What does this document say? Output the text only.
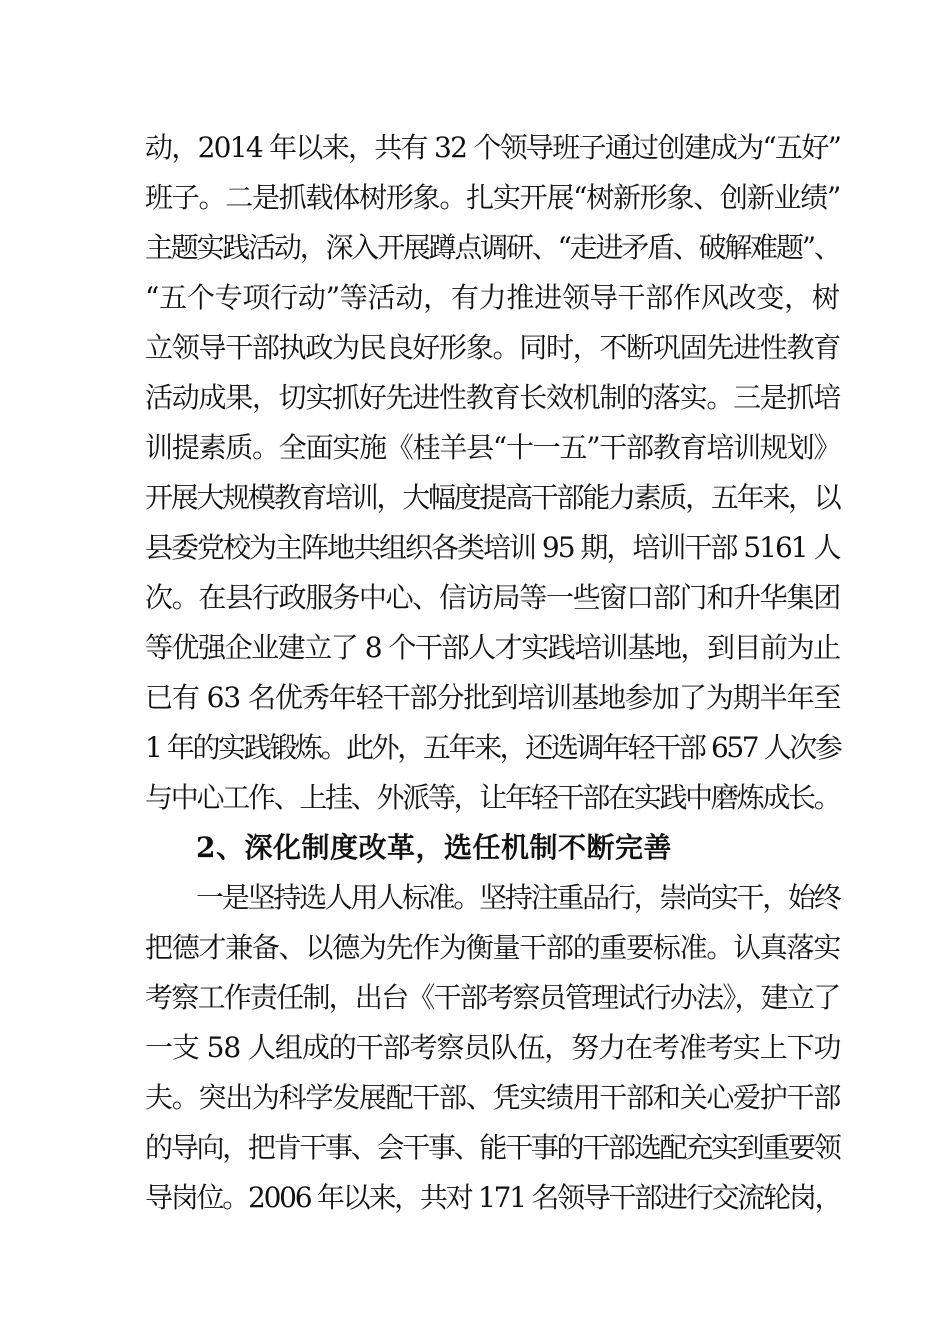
动，2014 年以来，共有 32 个领导班子通过创建成为“五好”
班子。二是抓载体树形象。扎实开展“树新形象、创新业绩”
主题实践活动，深入开展蹲点调研、“走进矛盾、破解难题”、
“五个专项行动”等活动，有力推进领导干部作风改变，树
立领导干部执政为民良好形象。同时，不断巩固先进性教育
活动成果，切实抓好先进性教育长效机制的落实。三是抓培
训提素质。全面实施《桂羊县“十一五”干部教育培训规划》
开展大规模教育培训，大幅度提高干部能力素质，五年来，以
县委党校为主阵地共组织各类培训 95 期，培训干部 5161 人
次。在县行政服务中心、信访局等一些窗口部门和升华集团
等优强企业建立了 8 个干部人才实践培训基地，到目前为止
已有 63 名优秀年轻干部分批到培训基地参加了为期半年至
1 年的实践锻炼。此外，五年来，还选调年轻干部 657 人次参
与中心工作、上挂、外派等，让年轻干部在实践中磨炼成长。
2、深化制度改革，选任机制不断完善
一是坚持选人用人标准。坚持注重品行，崇尚实干，始终
把德才兼备、以德为先作为衡量干部的重要标准。认真落实
考察工作责任制，出台《干部考察员管理试行办法》，建立了
一支 58 人组成的干部考察员队伍，努力在考准考实上下功
夫。突出为科学发展配干部、凭实绩用干部和关心爱护干部
的导向，把肯干事、会干事、能干事的干部选配充实到重要领
导岗位。2006 年以来，共对 171 名领导干部进行交流轮岗，
